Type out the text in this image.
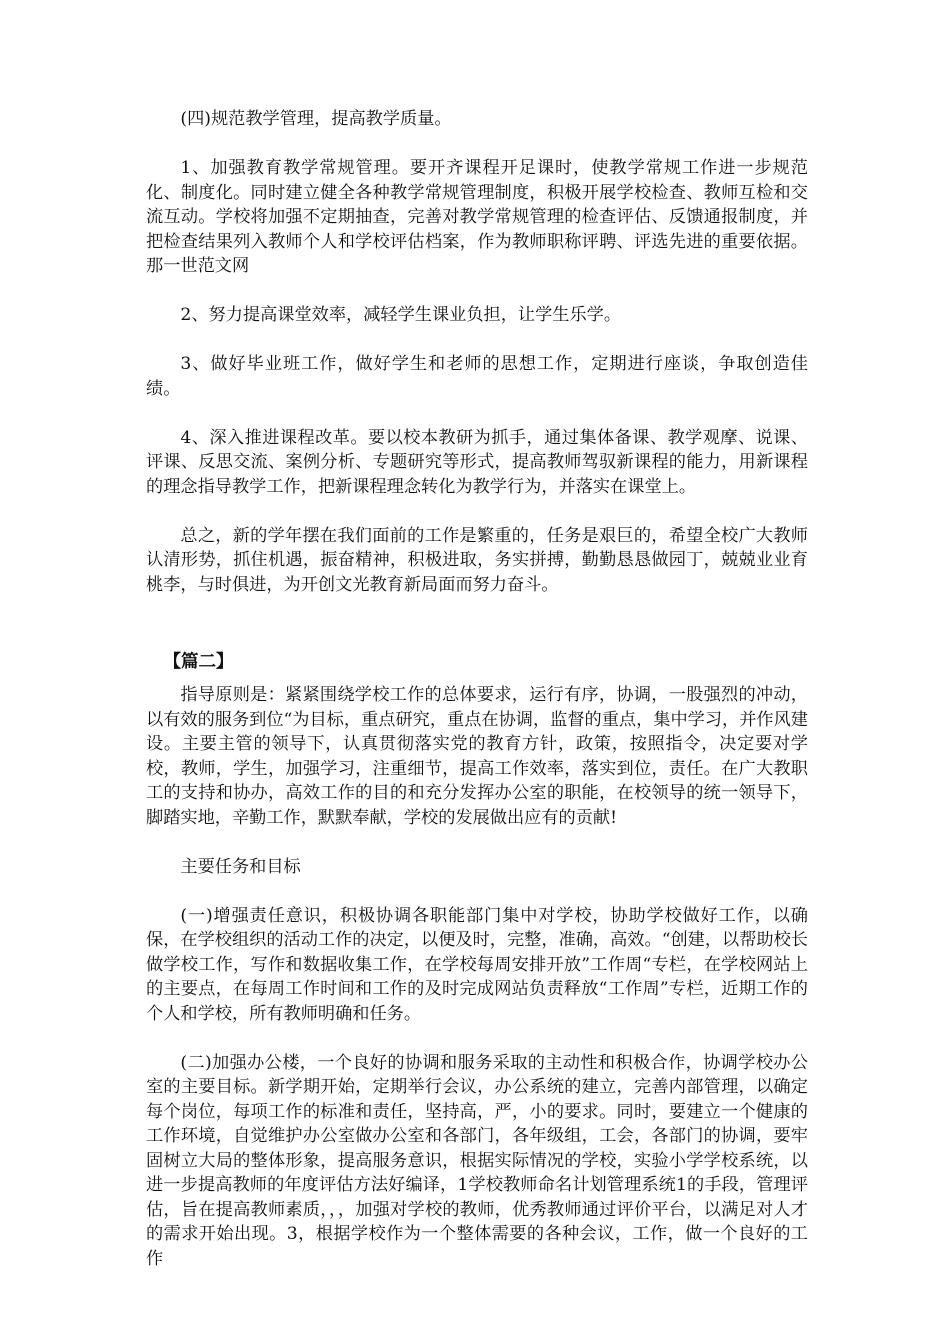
(四)规范教学管理，提高教学质量。

1、加强教育教学常规管理。要开齐课程开足课时，使教学常规工作进一步规范化、制度化。同时建立健全各种教学常规管理制度，积极开展学校检查、教师互检和交流互动。学校将加强不定期抽查，完善对教学常规管理的检查评估、反馈通报制度，并把检查结果列入教师个人和学校评估档案，作为教师职称评聘、评选先进的重要依据。那一世范文网

2、努力提高课堂效率，减轻学生课业负担，让学生乐学。

3、做好毕业班工作，做好学生和老师的思想工作，定期进行座谈，争取创造佳绩。

4、深入推进课程改革。要以校本教研为抓手，通过集体备课、教学观摩、说课、评课、反思交流、案例分析、专题研究等形式，提高教师驾驭新课程的能力，用新课程的理念指导教学工作，把新课程理念转化为教学行为，并落实在课堂上。

总之，新的学年摆在我们面前的工作是繁重的，任务是艰巨的，希望全校广大教师认清形势，抓住机遇，振奋精神，积极进取，务实拼搏，勤勤恳恳做园丁，兢兢业业育桃李，与时俱进，为开创文光教育新局面而努力奋斗。

【篇二】

指导原则是：紧紧围绕学校工作的总体要求，运行有序，协调，一股强烈的冲动，以有效的服务到位“为目标，重点研究，重点在协调，监督的重点，集中学习，并作风建设。主要主管的领导下，认真贯彻落实党的教育方针，政策，按照指令，决定要对学校，教师，学生，加强学习，注重细节，提高工作效率，落实到位，责任。在广大教职工的支持和协办，高效工作的目的和充分发挥办公室的职能，在校领导的统一领导下，脚踏实地，辛勤工作，默默奉献，学校的发展做出应有的贡献!

主要任务和目标

(一)增强责任意识，积极协调各职能部门集中对学校，协助学校做好工作，以确保，在学校组织的活动工作的决定，以便及时，完整，准确，高效。“创建，以帮助校长做学校工作，写作和数据收集工作，在学校每周安排开放”工作周“专栏，在学校网站上的主要点，在每周工作时间和工作的及时完成网站负责释放“工作周”专栏，近期工作的个人和学校，所有教师明确和任务。

(二)加强办公楼，一个良好的协调和服务采取的主动性和积极合作，协调学校办公室的主要目标。新学期开始，定期举行会议，办公系统的建立，完善内部管理，以确定每个岗位，每项工作的标准和责任，坚持高，严，小的要求。同时，要建立一个健康的工作环境，自觉维护办公室做办公室和各部门，各年级组，工会，各部门的协调，要牢固树立大局的整体形象，提高服务意识，根据实际情况的学校，实验小学学校系统，以进一步提高教师的年度评估方法好编译，1学校教师命名计划管理系统1的手段，管理评估，旨在提高教师素质，，，加强对学校的教师，优秀教师通过评价平台，以满足对人才的需求开始出现。3，根据学校作为一个整体需要的各种会议，工作，做一个良好的工作
